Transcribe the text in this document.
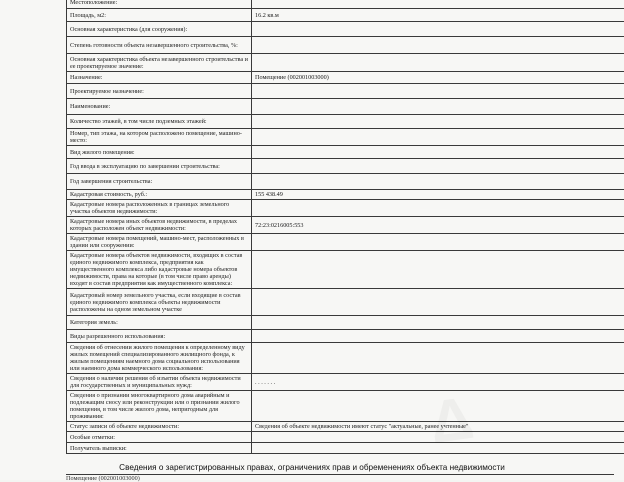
Местоположение:	
Площадь, м2:	16.2 кв.м
Основная характеристика (для сооружения):	
Степень готовности объекта незавершенного строительства, %:	
Основная характеристика объекта незавершенного строительства и ее проектируемое значение:	
Назначение:	Помещение (002001003000)
Проектируемое назначение:	
Наименование:	
Количество этажей, в том числе подземных этажей:	
Номер, тип этажа, на котором расположено помещение, машино-место:	
Вид жилого помещения:	
Год ввода в эксплуатацию по завершении строительства:	
Год завершения строительства:	
Кадастровая стоимость, руб.:	155 438.49
Кадастровые номера расположенных в границах земельного участка объектов недвижимости:	
Кадастровые номера иных объектов недвижимости, в пределах которых расположен объект недвижимости:	72:23:0216005:553
Кадастровые номера помещений, машино-мест, расположенных в здании или сооружении:	
Кадастровые номера объектов недвижимости, входящих в состав единого недвижимого комплекса, предприятия как имущественного комплекса либо кадастровые номера объектов недвижимости, права на которые (в том числе право аренды) входят в состав предприятия как имущественного комплекса:	
Кадастровый номер земельного участка, если входящие в состав единого недвижимого комплекса объекты недвижимости расположены на одном земельном участке	
Категория земель:	
Виды разрешенного использования:	
Сведения об отнесении жилого помещения к определенному виду жилых помещений специализированного жилищного фонда, к жилым помещениям наемного дома социального использования или наемного дома коммерческого использования:	
Сведения о наличии решения об изъятии объекта недвижимости для государственных и муниципальных нужд:	. . . . . . .
Сведения о признании многоквартирного дома аварийным и подлежащим сносу или реконструкции или о признании жилого помещения, в том числе жилого дома, непригодным для проживания:	
Статус записи об объекте недвижимости:	Сведения об объекте недвижимости имеют статус "актуальные, ранее учтенные"
Особые отметки:	
Получатель выписки:	
Сведения о зарегистрированных правах, ограничениях прав и обременениях объекта недвижимости
Помещение (002001003000)
